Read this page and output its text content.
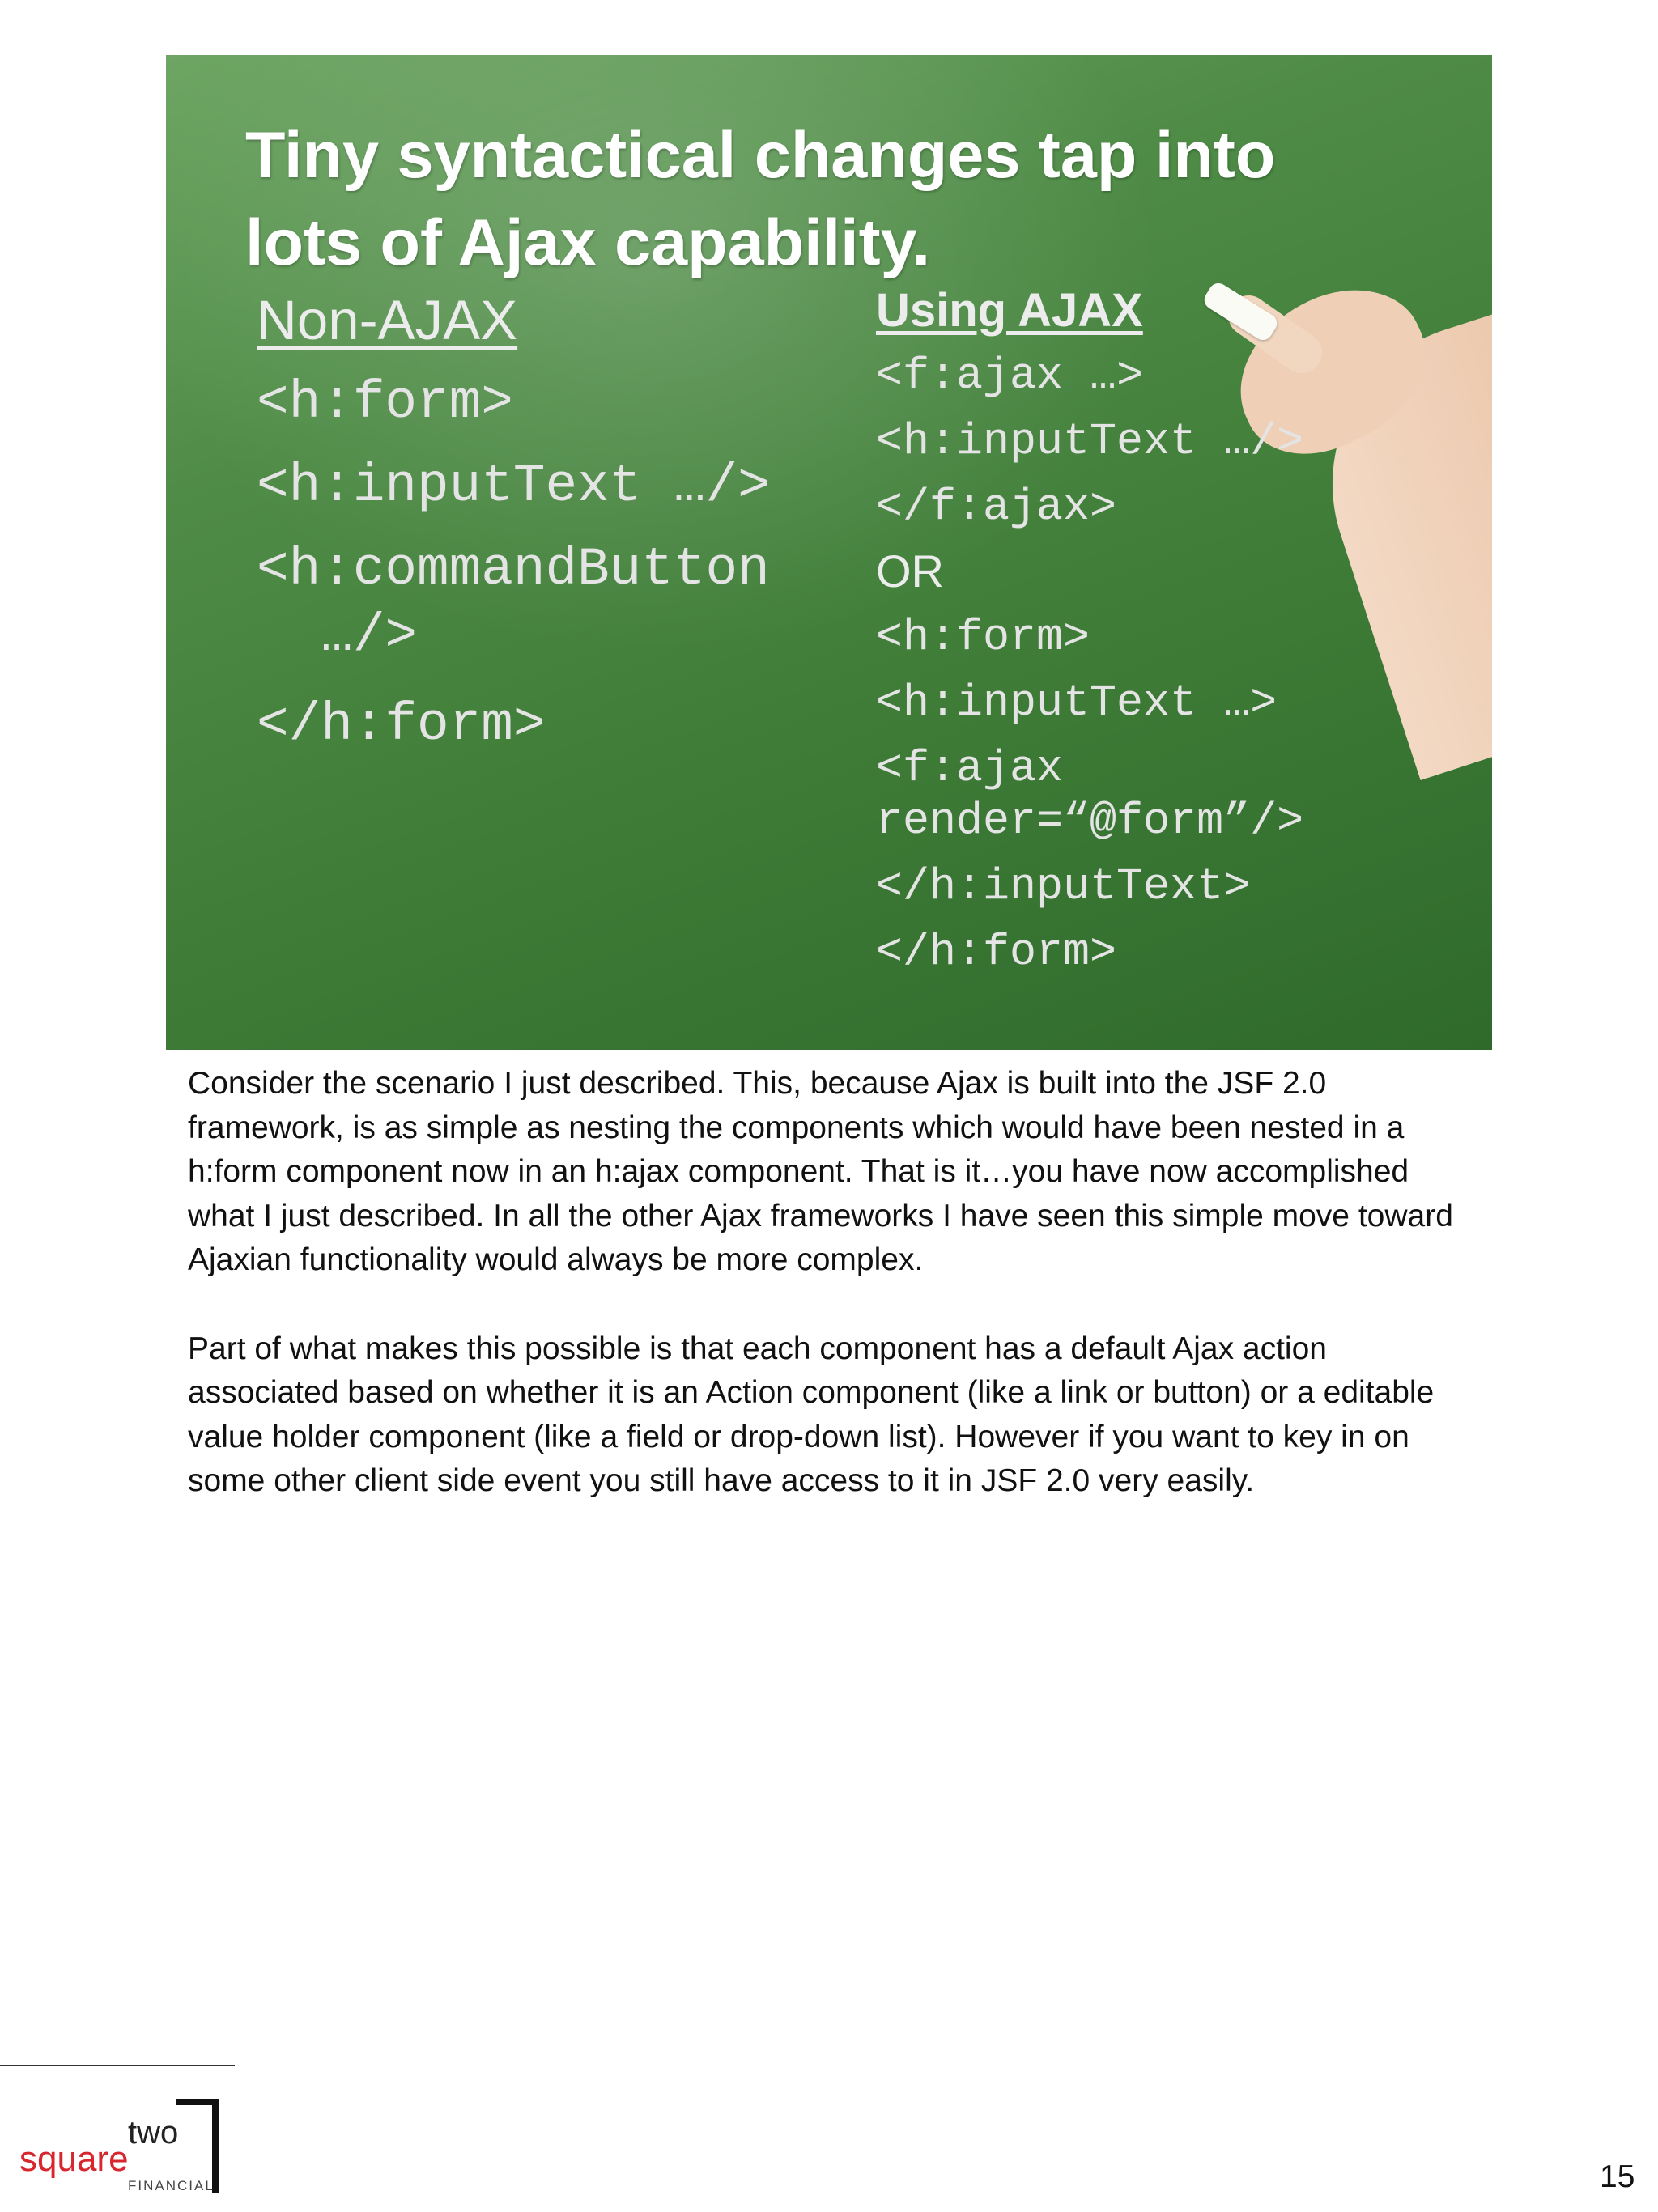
Tiny syntactical changes tap into
lots of Ajax capability.
Non-AJAX
<h:form>
<h:inputText …/>
<h:commandButton
…/>
</h:form>
Using AJAX
<f:ajax …>
<h:inputText …/>
</f:ajax>
OR
<h:form>
<h:inputText …>
<f:ajax
render=“@form”/>
</h:inputText>
</h:form>

Consider the scenario I just described. This, because Ajax is built into the JSF 2.0 framework, is as simple as nesting the components which would have been nested in a h:form component now in an h:ajax component. That is it…you have now accomplished what I just described. In all the other Ajax frameworks I have seen this simple move toward Ajaxian functionality would always be more complex.

Part of what makes this possible is that each component has a default Ajax action associated based on whether it is an Action component (like a link or button) or a editable value holder component (like a field or drop-down list). However if you want to key in on some other client side event you still have access to it in JSF 2.0 very easily.

square
two
FINANCIAL	15
